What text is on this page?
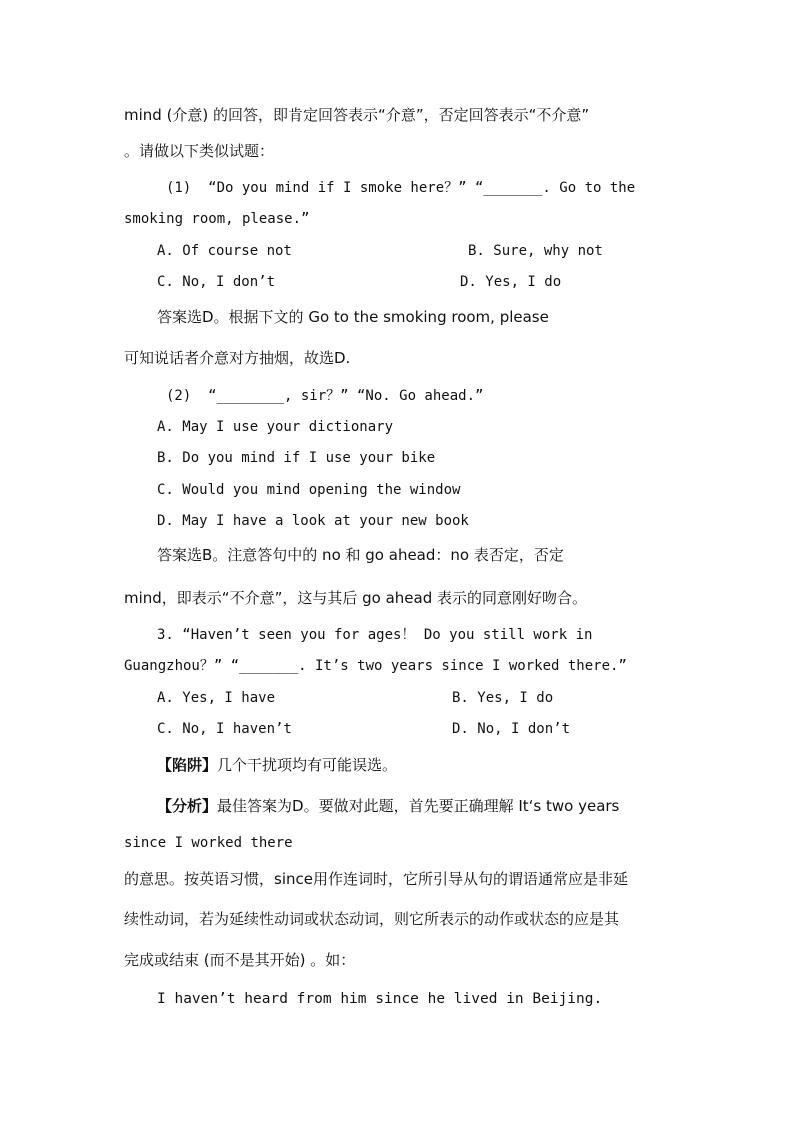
mind (介意) 的回答，即肯定回答表示“介意”，否定回答表示“不介意”
。请做以下类似试题：
(1)  “Do you mind if I smoke here？” “_______. Go to the
smoking room, please.”
A. Of course not	B. Sure, why not
C. No, I don’t	D. Yes, I do
答案选D。根据下文的 Go to the smoking room, please
可知说话者介意对方抽烟，故选D.
(2)  “________, sir？” “No. Go ahead.”
A. May I use your dictionary
B. Do you mind if I use your bike
C. Would you mind opening the window
D. May I have a look at your new book
答案选B。注意答句中的 no 和 go ahead：no 表否定，否定
mind，即表示“不介意”，这与其后 go ahead 表示的同意刚好吻合。
3. “Haven’t seen you for ages！ Do you still work in
Guangzhou？” “_______. It’s two years since I worked there.”
A. Yes, I have	B. Yes, I do
C. No, I haven’t	D. No, I don’t
【陷阱】几个干扰项均有可能误选。
【分析】最佳答案为D。要做对此题，首先要正确理解 It‘s two years
since I worked there
的意思。按英语习惯，since用作连词时，它所引导从句的谓语通常应是非延
续性动词，若为延续性动词或状态动词，则它所表示的动作或状态的应是其
完成或结束 (而不是其开始) 。如：
I haven’t heard from him since he lived in Beijing.
